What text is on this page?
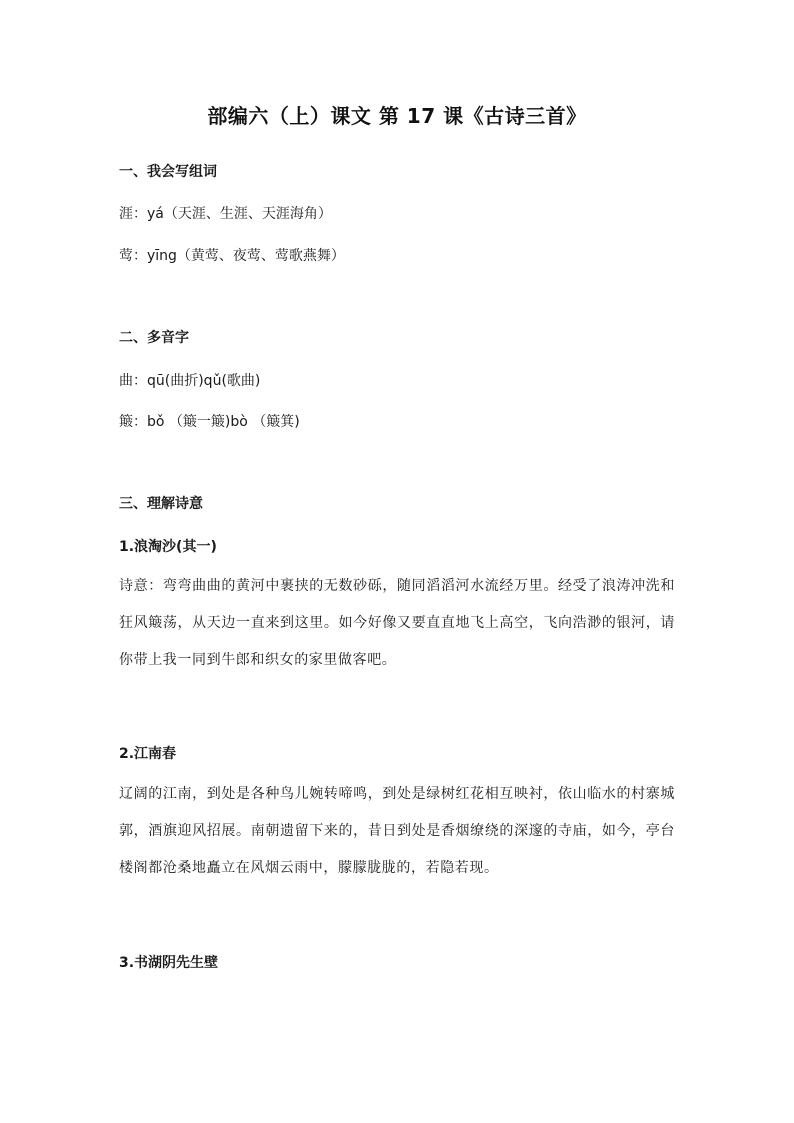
部编六（上）课文 第 17 课《古诗三首》
一、我会写组词
涯：yá（天涯、生涯、天涯海角）
莺：yīng（黄莺、夜莺、莺歌燕舞）
二、多音字
曲：qū(曲折)qǔ(歌曲)
簸：bǒ （簸一簸)bò （簸箕)
三、理解诗意
1.浪淘沙(其一)
诗意：弯弯曲曲的黄河中裹挟的无数砂砾，随同滔滔河水流经万里。经受了浪涛冲洗和狂风簸荡，从天边一直来到这里。如今好像又要直直地飞上高空，飞向浩渺的银河，请你带上我一同到牛郎和织女的家里做客吧。
2.江南春
辽阔的江南，到处是各种鸟儿婉转啼鸣，到处是绿树红花相互映衬，依山临水的村寨城郭，酒旗迎风招展。南朝遗留下来的，昔日到处是香烟缭绕的深邃的寺庙，如今，亭台楼阁都沧桑地矗立在风烟云雨中，朦朦胧胧的，若隐若现。
3.书湖阴先生壁
